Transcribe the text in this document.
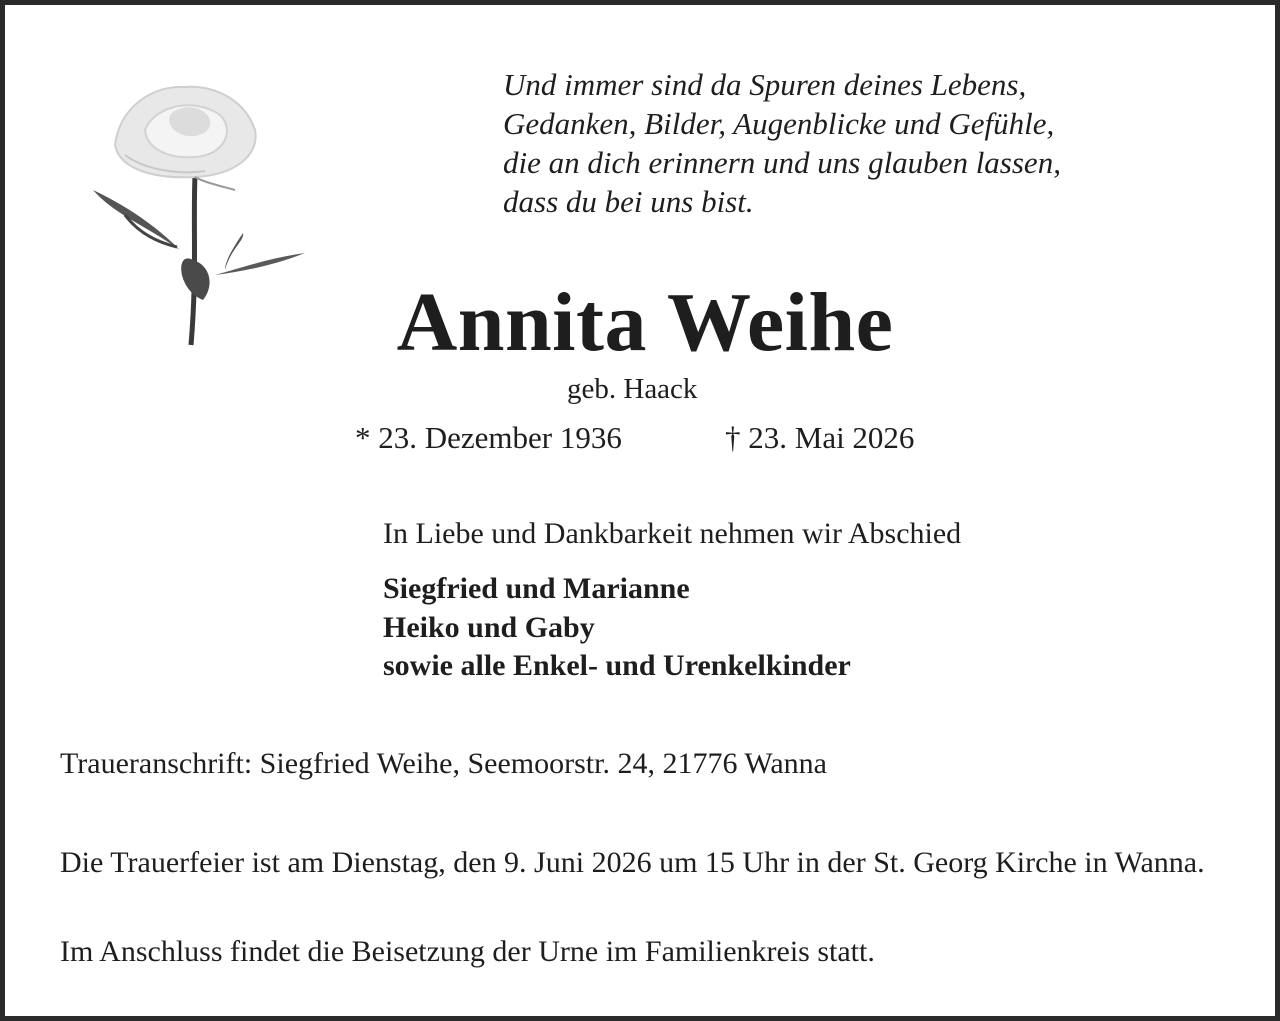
Und immer sind da Spuren deines Lebens,
Gedanken, Bilder, Augenblicke und Gefühle,
die an dich erinnern und uns glauben lassen,
dass du bei uns bist.
Annita Weihe
geb. Haack
* 23. Dezember 1936	† 23. Mai 2026
In Liebe und Dankbarkeit nehmen wir Abschied
Siegfried und Marianne
Heiko und Gaby
sowie alle Enkel- und Urenkelkinder
Traueranschrift: Siegfried Weihe, Seemoorstr. 24, 21776 Wanna
Die Trauerfeier ist am Dienstag, den 9. Juni 2026 um 15 Uhr in der St. Georg Kirche in Wanna.
Im Anschluss findet die Beisetzung der Urne im Familienkreis statt.
